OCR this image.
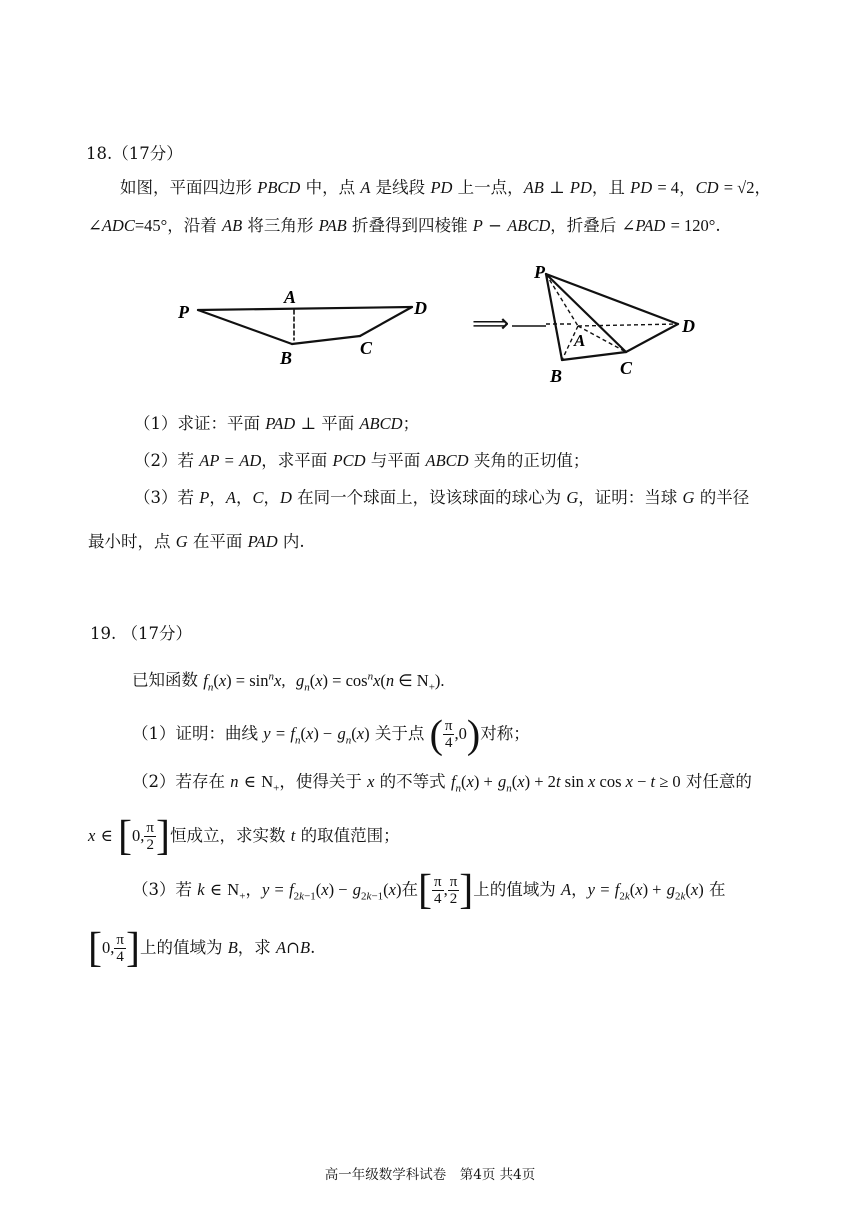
18.（17分）
如图，平面四边形 PBCD 中，点 A 是线段 PD 上一点，AB ⊥ PD，且 PD = 4，CD = √2，
∠ADC=45°，沿着 AB 将三角形 PAB 折叠得到四棱锥 P − ABCD，折叠后 ∠PAD = 120°.
P
A
D
B	C
⟹
P
A
D
B	C
（1）求证：平面 PAD ⊥ 平面 ABCD；
（2）若 AP = AD，求平面 PCD 与平面 ABCD 夹角的正切值；
（3）若 P，A，C，D 在同一个球面上，设该球面的球心为 G，证明：当球 G 的半径
最小时，点 G 在平面 PAD 内.
19. （17分）
已知函数 $f_n(x) = \sin^nx$, $g_n(x) = \cos^nx(n$ ∈ $N_+$).
（1）证明：曲线 $y = f_n(x) - g_n(x)$ 关于点 ( $\frac{\pi}{4} ,0$)对称；
（2）若存在 n ∈ $N_+$，使得关于 x 的不等式 $f_n(x) + g_n(x) + 2t$ sin x cos x − t ≥ 0 对任意的
x ∈ [0, $\frac{\pi}{2}$ ]恒成立，求实数 t 的取值范围；
（3）若 k ∈ $N_+$，$y = f_{2k-1}(x) - g_{2k-1}(x)$在[ $\frac{\pi}{4}$ , $\frac{\pi}{2}$ ]上的值域为 A，$y = f_{2k}(x) + g_{2k}(x)$ 在
[0, $\frac{\pi}{4}$ ]上的值域为 B，求 A∩B.
高一年级数学科试卷　第4页 共4页
